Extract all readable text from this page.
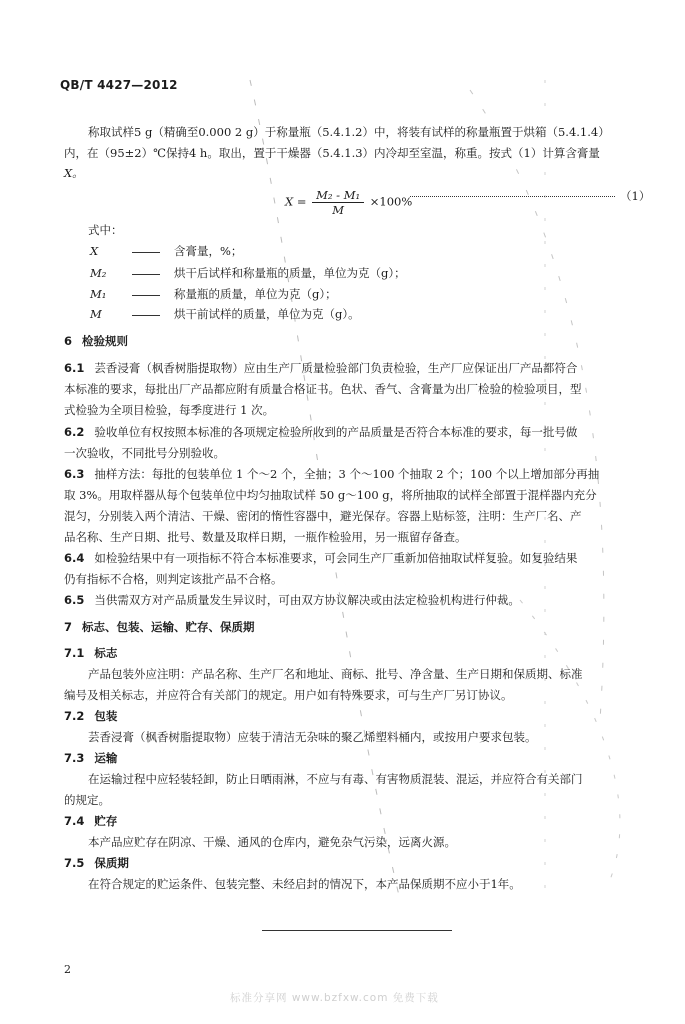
QB/T 4427—2012
称取试样5 g（精确至0.000 2 g）于称量瓶（5.4.1.2）中，将装有试样的称量瓶置于烘箱（5.4.1.4）
内，在（95±2）℃保持4 h。取出，置于干燥器（5.4.1.3）内冷却至室温，称重。按式（1）计算含膏量
X。
$X = \frac{\text{M₂ - M₁}}{M} \times 100\%$	（1）
式中：
X	含膏量，%；
M₂	烘干后试样和称量瓶的质量，单位为克（g）；
M₁	称量瓶的质量，单位为克（g）；
M	烘干前试样的质量，单位为克（g）。
6 检验规则
6.1 芸香浸膏（枫香树脂提取物）应由生产厂质量检验部门负责检验，生产厂应保证出厂产品都符合
本标准的要求，每批出厂产品都应附有质量合格证书。色状、香气、含膏量为出厂检验的检验项目，型
式检验为全项目检验，每季度进行 1 次。
6.2 验收单位有权按照本标准的各项规定检验所收到的产品质量是否符合本标准的要求，每一批号做
一次验收，不同批号分别验收。
6.3 抽样方法：每批的包装单位 1 个～2 个，全抽；3 个～100 个抽取 2 个；100 个以上增加部分再抽
取 3%。用取样器从每个包装单位中均匀抽取试样 50 g～100 g，将所抽取的试样全部置于混样器内充分
混匀，分别装入两个清洁、干燥、密闭的惰性容器中，避光保存。容器上贴标签，注明：生产厂名、产
品名称、生产日期、批号、数量及取样日期，一瓶作检验用，另一瓶留存备查。
6.4 如检验结果中有一项指标不符合本标准要求，可会同生产厂重新加倍抽取试样复验。如复验结果
仍有指标不合格，则判定该批产品不合格。
6.5 当供需双方对产品质量发生异议时，可由双方协议解决或由法定检验机构进行仲裁。
7 标志、包装、运输、贮存、保质期
7.1 标志
产品包装外应注明：产品名称、生产厂名和地址、商标、批号、净含量、生产日期和保质期、标准
编号及相关标志，并应符合有关部门的规定。用户如有特殊要求，可与生产厂另订协议。
7.2 包装
芸香浸膏（枫香树脂提取物）应装于清洁无杂味的聚乙烯塑料桶内，或按用户要求包装。
7.3 运输
在运输过程中应轻装轻卸，防止日晒雨淋，不应与有毒、有害物质混装、混运，并应符合有关部门
的规定。
7.4 贮存
本产品应贮存在阴凉、干燥、通风的仓库内，避免杂气污染，远离火源。
7.5 保质期
在符合规定的贮运条件、包装完整、未经启封的情况下，本产品保质期不应小于1年。
2
标准分享网 www.bzfxw.com 免费下载
